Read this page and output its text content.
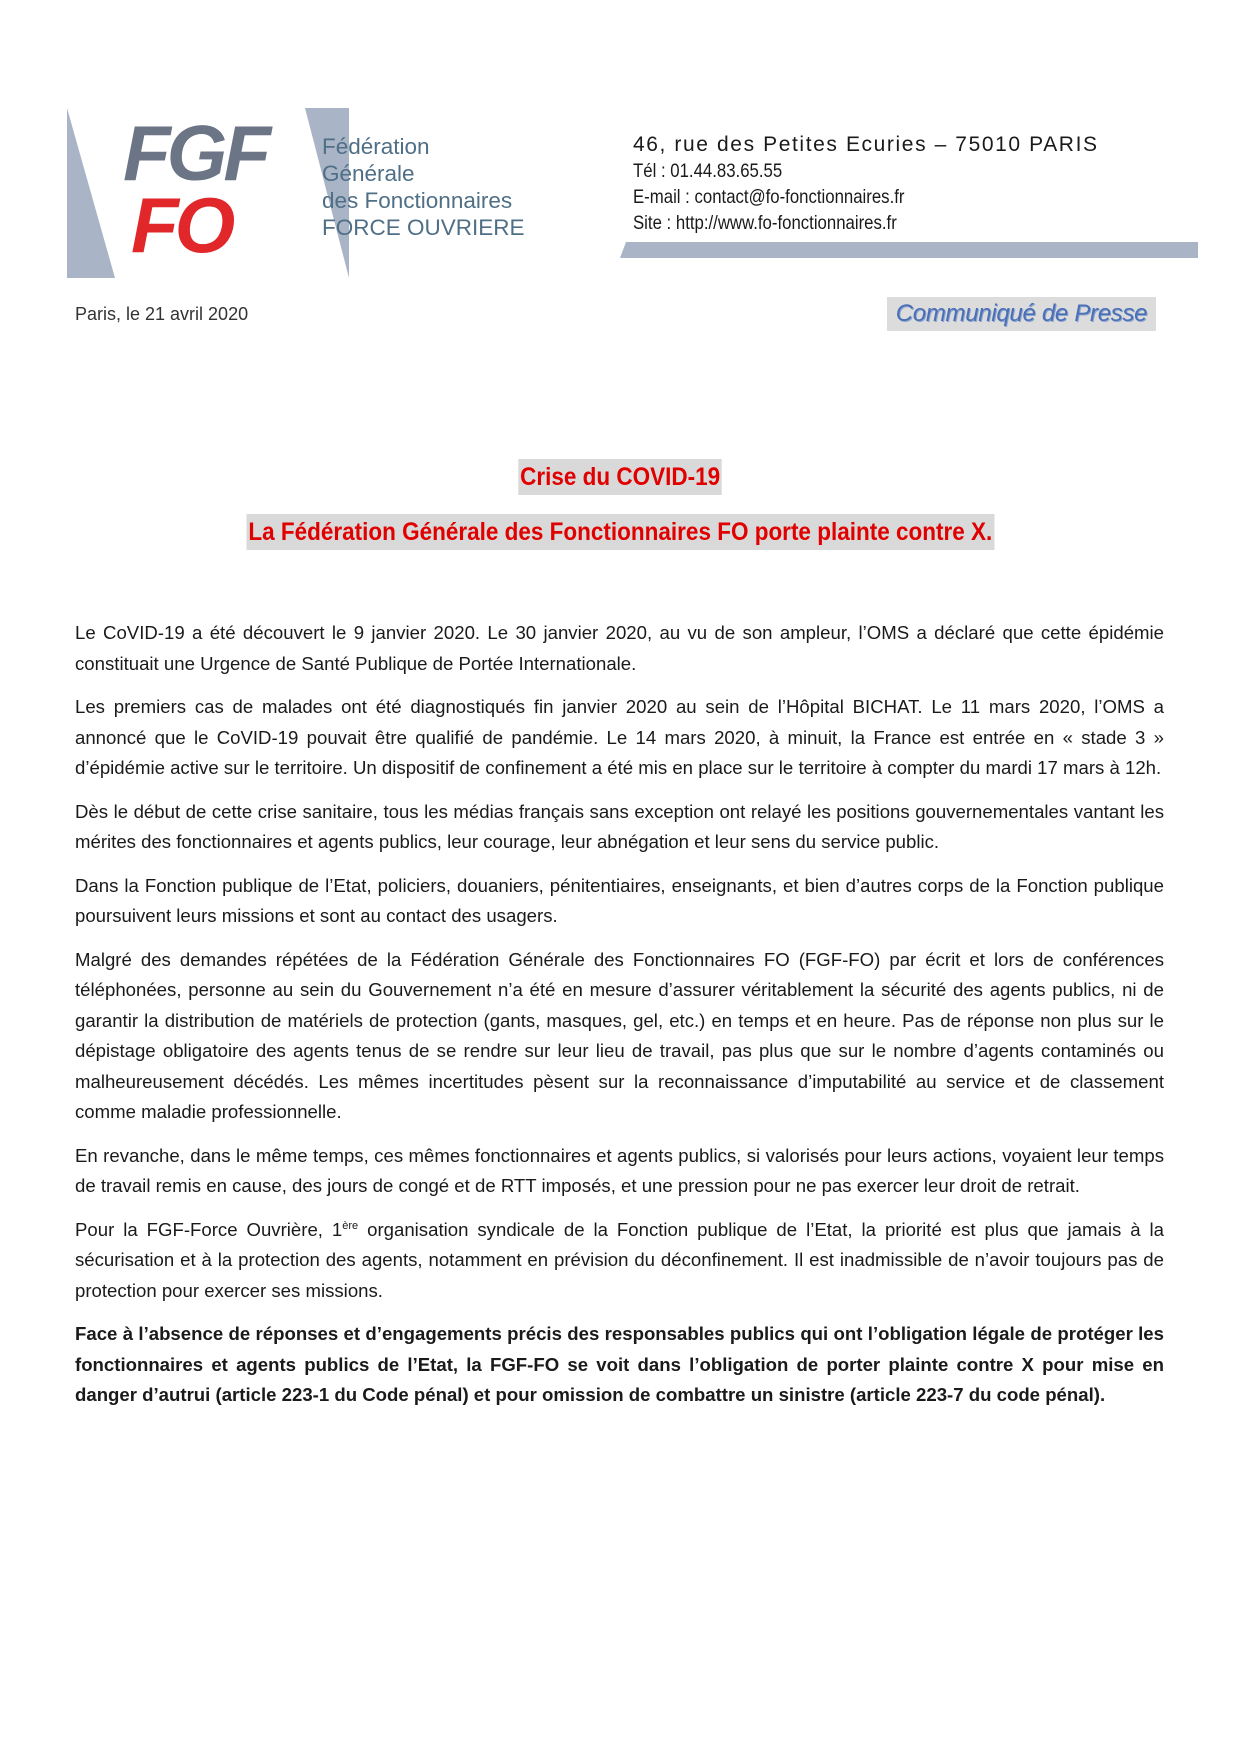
FGF
FO
Fédération
Générale
des Fonctionnaires
FORCE OUVRIERE
46, rue des Petites Ecuries – 75010 PARIS
Tél : 01.44.83.65.55
E-mail : contact@fo-fonctionnaires.fr
Site : http://www.fo-fonctionnaires.fr
Paris, le 21 avril 2020	Communiqué de Presse
Crise du COVID-19
La Fédération Générale des Fonctionnaires FO porte plainte contre X.

Le CoVID-19 a été découvert le 9 janvier 2020. Le 30 janvier 2020, au vu de son ampleur, l’OMS a déclaré que cette épidémie constituait une Urgence de Santé Publique de Portée Internationale.

Les premiers cas de malades ont été diagnostiqués fin janvier 2020 au sein de l’Hôpital BICHAT. Le 11 mars 2020, l’OMS a annoncé que le CoVID-19 pouvait être qualifié de pandémie. Le 14 mars 2020, à minuit, la France est entrée en « stade 3 » d’épidémie active sur le territoire. Un dispositif de confinement a été mis en place sur le territoire à compter du mardi 17 mars à 12h.

Dès le début de cette crise sanitaire, tous les médias français sans exception ont relayé les positions gouvernementales vantant les mérites des fonctionnaires et agents publics, leur courage, leur abnégation et leur sens du service public.

Dans la Fonction publique de l’Etat, policiers, douaniers, pénitentiaires, enseignants, et bien d’autres corps de la Fonction publique poursuivent leurs missions et sont au contact des usagers.

Malgré des demandes répétées de la Fédération Générale des Fonctionnaires FO (FGF-FO) par écrit et lors de conférences téléphonées, personne au sein du Gouvernement n’a été en mesure d’assurer véritablement la sécurité des agents publics, ni de garantir la distribution de matériels de protection (gants, masques, gel, etc.) en temps et en heure. Pas de réponse non plus sur le dépistage obligatoire des agents tenus de se rendre sur leur lieu de travail, pas plus que sur le nombre d’agents contaminés ou malheureusement décédés. Les mêmes incertitudes pèsent sur la reconnaissance d’imputabilité au service et de classement comme maladie professionnelle.

En revanche, dans le même temps, ces mêmes fonctionnaires et agents publics, si valorisés pour leurs actions, voyaient leur temps de travail remis en cause, des jours de congé et de RTT imposés, et une pression pour ne pas exercer leur droit de retrait.

Pour la FGF-Force Ouvrière, 1ère organisation syndicale de la Fonction publique de l’Etat, la priorité est plus que jamais à la sécurisation et à la protection des agents, notamment en prévision du déconfinement. Il est inadmissible de n’avoir toujours pas de protection pour exercer ses missions.

Face à l’absence de réponses et d’engagements précis des responsables publics qui ont l’obligation légale de protéger les fonctionnaires et agents publics de l’Etat, la FGF-FO se voit dans l’obligation de porter plainte contre X pour mise en danger d’autrui (article 223-1 du Code pénal) et pour omission de combattre un sinistre (article 223-7 du code pénal).
